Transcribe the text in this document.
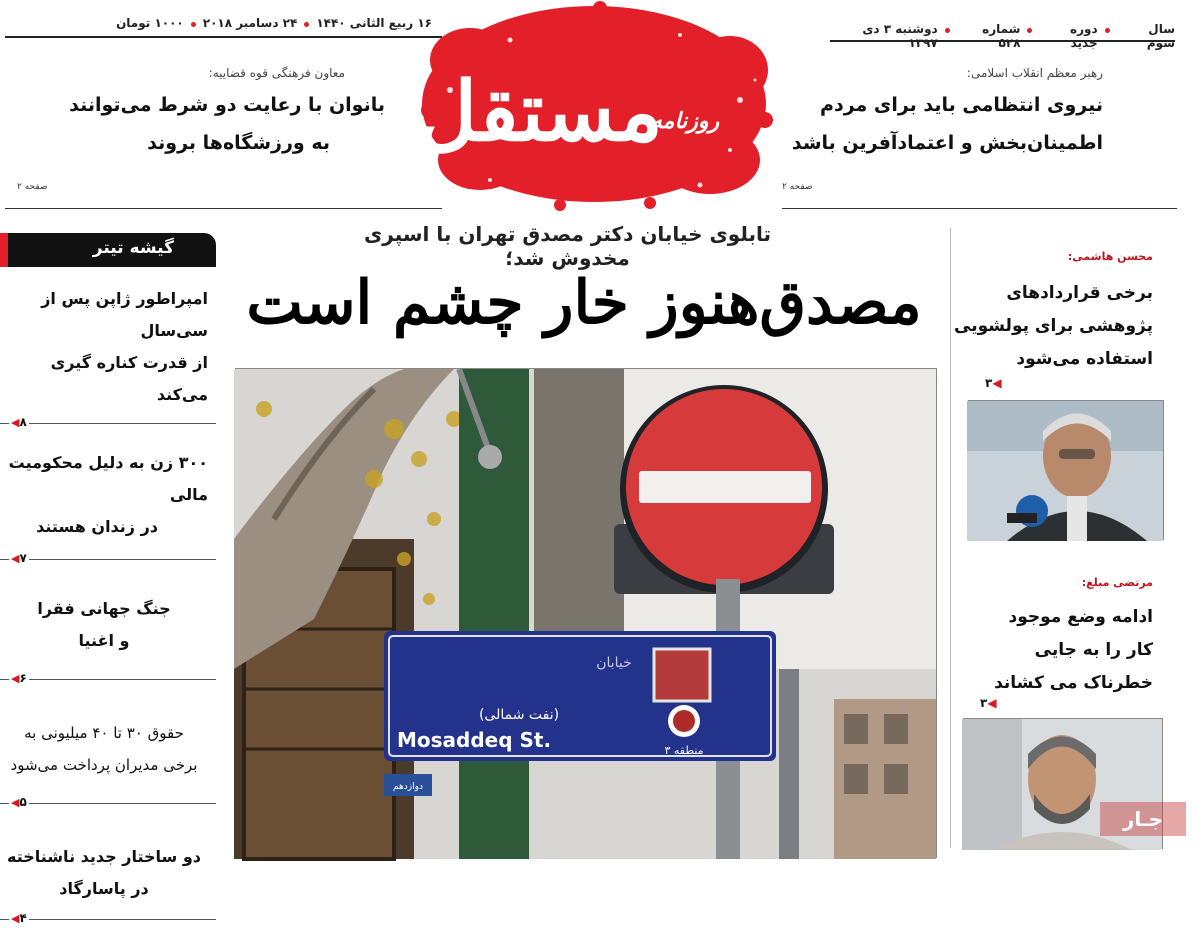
سال سوم
دوره جدید
شماره ۵۲۸
دوشنبه ۳ دی ۱۳۹۷
۱۶ ربیع الثانی ۱۴۴۰
۲۴ دسامبر ۲۰۱۸
۱۰۰۰ تومان
مستقل
روزنامه
رهبر معظم انقلاب اسلامی:
نیروی انتظامی باید برای مردم
اطمینان‌بخش و اعتمادآفرین باشد
صفحه ۲
معاون فرهنگی قوه قضاییه:
بانوان با رعایت دو شرط می‌توانند
به ورزشگاه‌ها بروند
صفحه ۲
تابلوی خیابان دکتر مصدق تهران با اسپری مخدوش شد؛
مصدق‌هنوز خار چشم است
خیابان
(نفت شمالی)
Mosaddeq St.	منطقه ۳
دوازدهم
گیشه تیتر
امپراطور ژاپن پس از سی‌سال
از قدرت کناره گیری می‌کند
◀۸
۳۰۰ زن به دلیل محکومیت مالی
در زندان هستند
◀۷
جنگ جهانی فقرا
و اغنیا
◀۶
حقوق ۳۰ تا ۴۰ میلیونی به
برخی مدیران پرداخت می‌شود
◀۵
دو ساختار جدید ناشناخته
در پاسارگاد
◀۴
محسن هاشمی:
برخی قراردادهای
پژوهشی برای پولشویی
استفاده می‌شود
۳◀
مرتضی مبلغ:
ادامه وضع موجود
کار را به جایی
خطرناک می کشاند
۳◀
جـار
